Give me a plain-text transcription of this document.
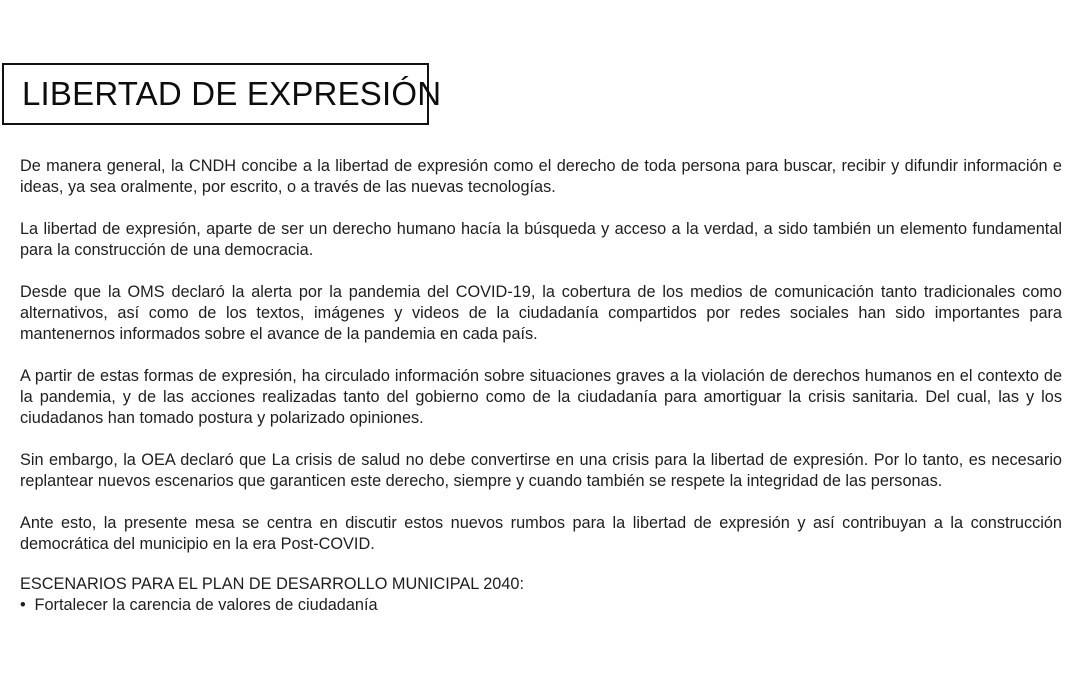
LIBERTAD DE EXPRESIÓN

De manera general, la CNDH concibe a la libertad de expresión como el derecho de toda persona para buscar, recibir y difundir información e ideas, ya sea oralmente, por escrito, o a través de las nuevas tecnologías.

La libertad de expresión, aparte de ser un derecho humano hacía la búsqueda y acceso a la verdad, a sido también un elemento fundamental para la construcción de una democracia.

Desde que la OMS declaró la alerta por la pandemia del COVID-19, la cobertura de los medios de comunicación tanto tradicionales como alternativos, así como de los textos, imágenes y videos de la ciudadanía compartidos por redes sociales han sido importantes para mantenernos informados sobre el avance de la pandemia en cada país.

A partir de estas formas de expresión, ha circulado información sobre situaciones graves a la violación de derechos humanos en el contexto de la pandemia, y de las acciones realizadas tanto del gobierno como de la ciudadanía para amortiguar la crisis sanitaria. Del cual, las y los ciudadanos han tomado postura y polarizado opiniones.

Sin embargo, la OEA declaró que La crisis de salud no debe convertirse en una crisis para la libertad de expresión. Por lo tanto, es necesario replantear nuevos escenarios que garanticen este derecho, siempre y cuando también se respete la integridad de las personas.

Ante esto, la presente mesa se centra en discutir estos nuevos rumbos para la libertad de expresión y así contribuyan a la construcción democrática del municipio en la era Post-COVID.

ESCENARIOS PARA EL PLAN DE DESARROLLO MUNICIPAL 2040:
• Fortalecer la carencia de valores de ciudadanía
